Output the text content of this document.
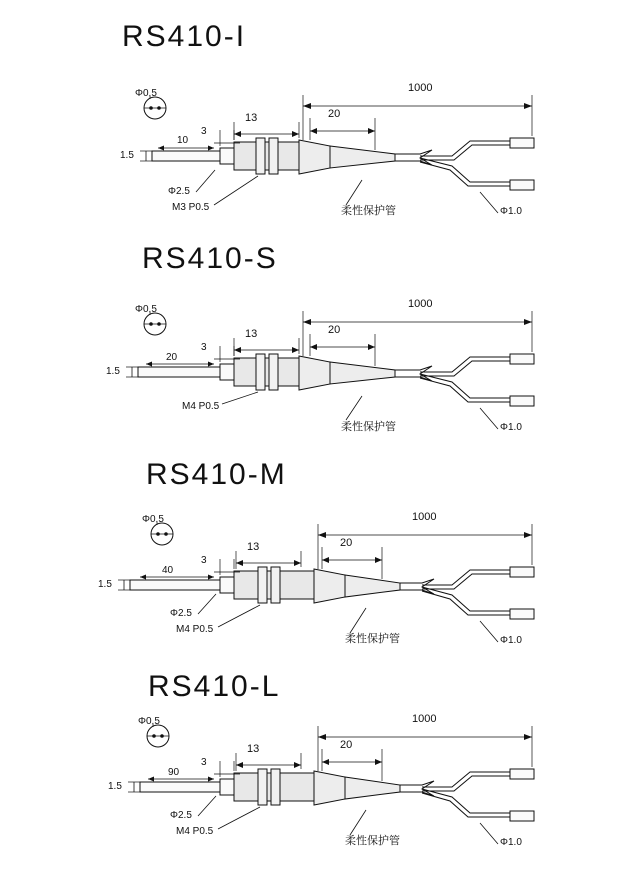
RS410-I
Φ0.5	1000
20
13
3
10
1.5
Φ2.5
M3 P0.5	柔性保护管	Φ1.0
RS410-S
Φ0.5	1000
20
13
3
20
1.5
M4 P0.5
柔性保护管	Φ1.0
RS410-M
Φ0.5	1000
20
13
3
40
1.5
Φ2.5
M4 P0.5
柔性保护管	Φ1.0
RS410-L
Φ0.5	1000
20
13
3
90
1.5
Φ2.5
M4 P0.5
柔性保护管	Φ1.0
